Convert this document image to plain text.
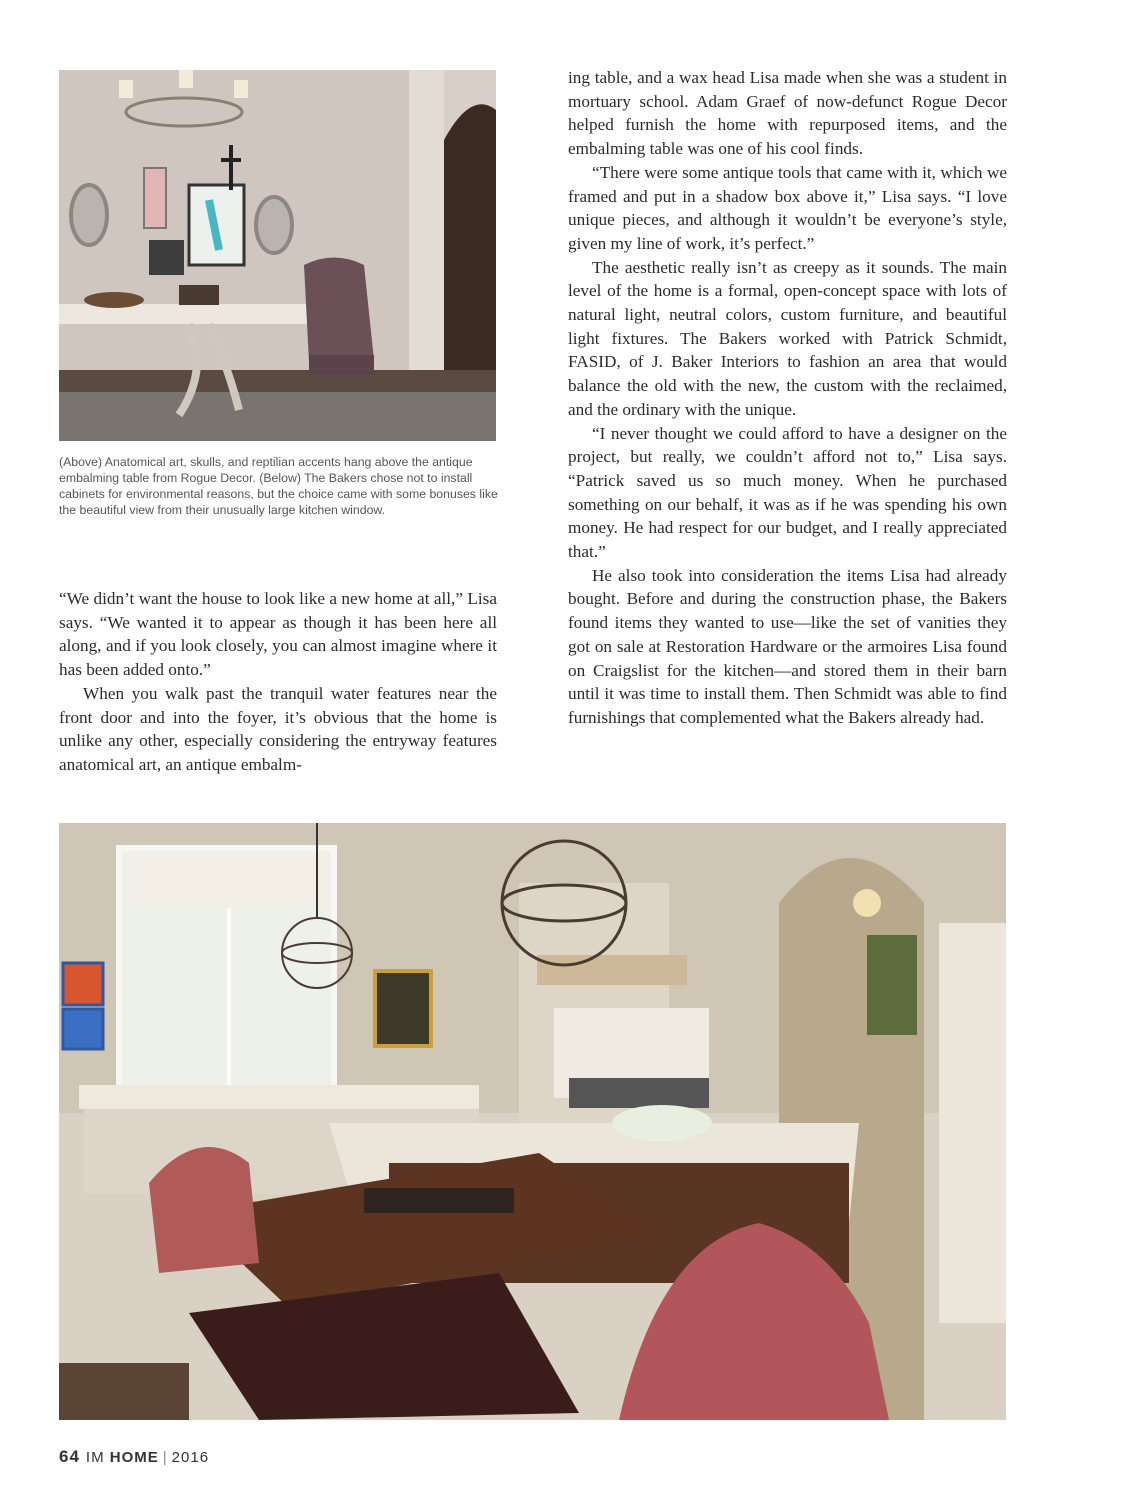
(Above) Anatomical art, skulls, and reptilian accents hang above the antique embalming table from Rogue Decor. (Below) The Bakers chose not to install cabinets for environmental reasons, but the choice came with some bonuses like the beautiful view from their unusually large kitchen window.

“We didn’t want the house to look like a new home at all,” Lisa says. “We wanted it to appear as though it has been here all along, and if you look closely, you can almost imagine where it has been added onto.”

When you walk past the tranquil water features near the front door and into the foyer, it’s obvious that the home is unlike any other, especially considering the entryway features anatomical art, an antique embalm-

ing table, and a wax head Lisa made when she was a student in mortuary school. Adam Graef of now-defunct Rogue Decor helped furnish the home with repurposed items, and the embalming table was one of his cool finds.

“There were some antique tools that came with it, which we framed and put in a shadow box above it,” Lisa says. “I love unique pieces, and although it wouldn’t be everyone’s style, given my line of work, it’s perfect.”

The aesthetic really isn’t as creepy as it sounds. The main level of the home is a formal, open-concept space with lots of natural light, neutral colors, custom furniture, and beautiful light fixtures. The Bakers worked with Patrick Schmidt, FASID, of J. Baker Interiors to fashion an area that would balance the old with the new, the custom with the reclaimed, and the ordinary with the unique.

“I never thought we could afford to have a designer on the project, but really, we couldn’t afford not to,” Lisa says. “Patrick saved us so much money. When he purchased something on our behalf, it was as if he was spending his own money. He had respect for our budget, and I really appreciated that.”

He also took into consideration the items Lisa had already bought. Before and during the construction phase, the Bakers found items they wanted to use—like the set of vanities they got on sale at Restoration Hardware or the armoires Lisa found on Craigslist for the kitchen—and stored them in their barn until it was time to install them. Then Schmidt was able to find furnishings that complemented what the Bakers already had.

64 IM HOME | 2016
